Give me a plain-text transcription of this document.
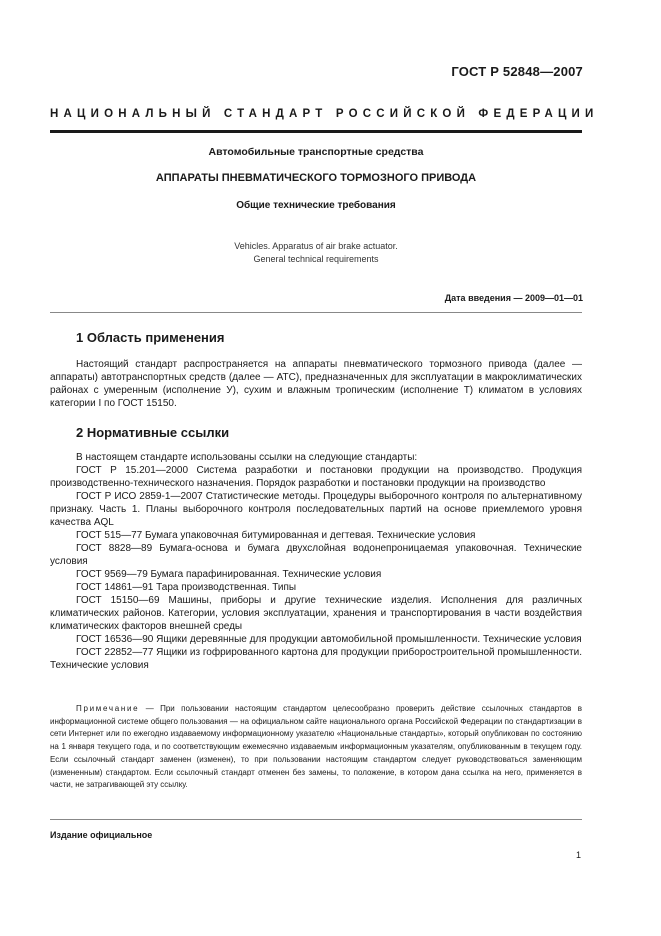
ГОСТ Р 52848—2007
НАЦИОНАЛЬНЫЙ СТАНДАРТ РОССИЙСКОЙ ФЕДЕРАЦИИ
Автомобильные транспортные средства
АППАРАТЫ ПНЕВМАТИЧЕСКОГО ТОРМОЗНОГО ПРИВОДА
Общие технические требования
Vehicles. Apparatus of air brake actuator.
General technical requirements
Дата введения — 2009—01—01
1 Область применения
Настоящий стандарт распространяется на аппараты пневматического тормозного привода (далее — аппараты) автотранспортных средств (далее — АТС), предназначенных для эксплуатации в макроклиматических районах с умеренным (исполнение У), сухим и влажным тропическим (исполнение Т) климатом в условиях категории I по ГОСТ 15150.
2 Нормативные ссылки
В настоящем стандарте использованы ссылки на следующие стандарты:
ГОСТ Р 15.201—2000 Система разработки и постановки продукции на производство. Продукция производственно-технического назначения. Порядок разработки и постановки продукции на производство
ГОСТ Р ИСО 2859-1—2007 Статистические методы. Процедуры выборочного контроля по альтернативному признаку. Часть 1. Планы выборочного контроля последовательных партий на основе приемлемого уровня качества AQL
ГОСТ 515—77 Бумага упаковочная битумированная и дегтевая. Технические условия
ГОСТ 8828—89 Бумага-основа и бумага двухслойная водонепроницаемая упаковочная. Технические условия
ГОСТ 9569—79 Бумага парафинированная. Технические условия
ГОСТ 14861—91 Тара производственная. Типы
ГОСТ 15150—69 Машины, приборы и другие технические изделия. Исполнения для различных климатических районов. Категории, условия эксплуатации, хранения и транспортирования в части воздействия климатических факторов внешней среды
ГОСТ 16536—90 Ящики деревянные для продукции автомобильной промышленности. Технические условия
ГОСТ 22852—77 Ящики из гофрированного картона для продукции приборостроительной промышленности. Технические условия
Примечание — При пользовании настоящим стандартом целесообразно проверить действие ссылочных стандартов в информационной системе общего пользования — на официальном сайте национального органа Российской Федерации по стандартизации в сети Интернет или по ежегодно издаваемому информационному указателю «Национальные стандарты», который опубликован по состоянию на 1 января текущего года, и по соответствующим ежемесячно издаваемым информационным указателям, опубликованным в текущем году. Если ссылочный стандарт заменен (изменен), то при пользовании настоящим стандартом следует руководствоваться заменяющим (измененным) стандартом. Если ссылочный стандарт отменен без замены, то положение, в котором дана ссылка на него, применяется в части, не затрагивающей эту ссылку.
Издание официальное
1
